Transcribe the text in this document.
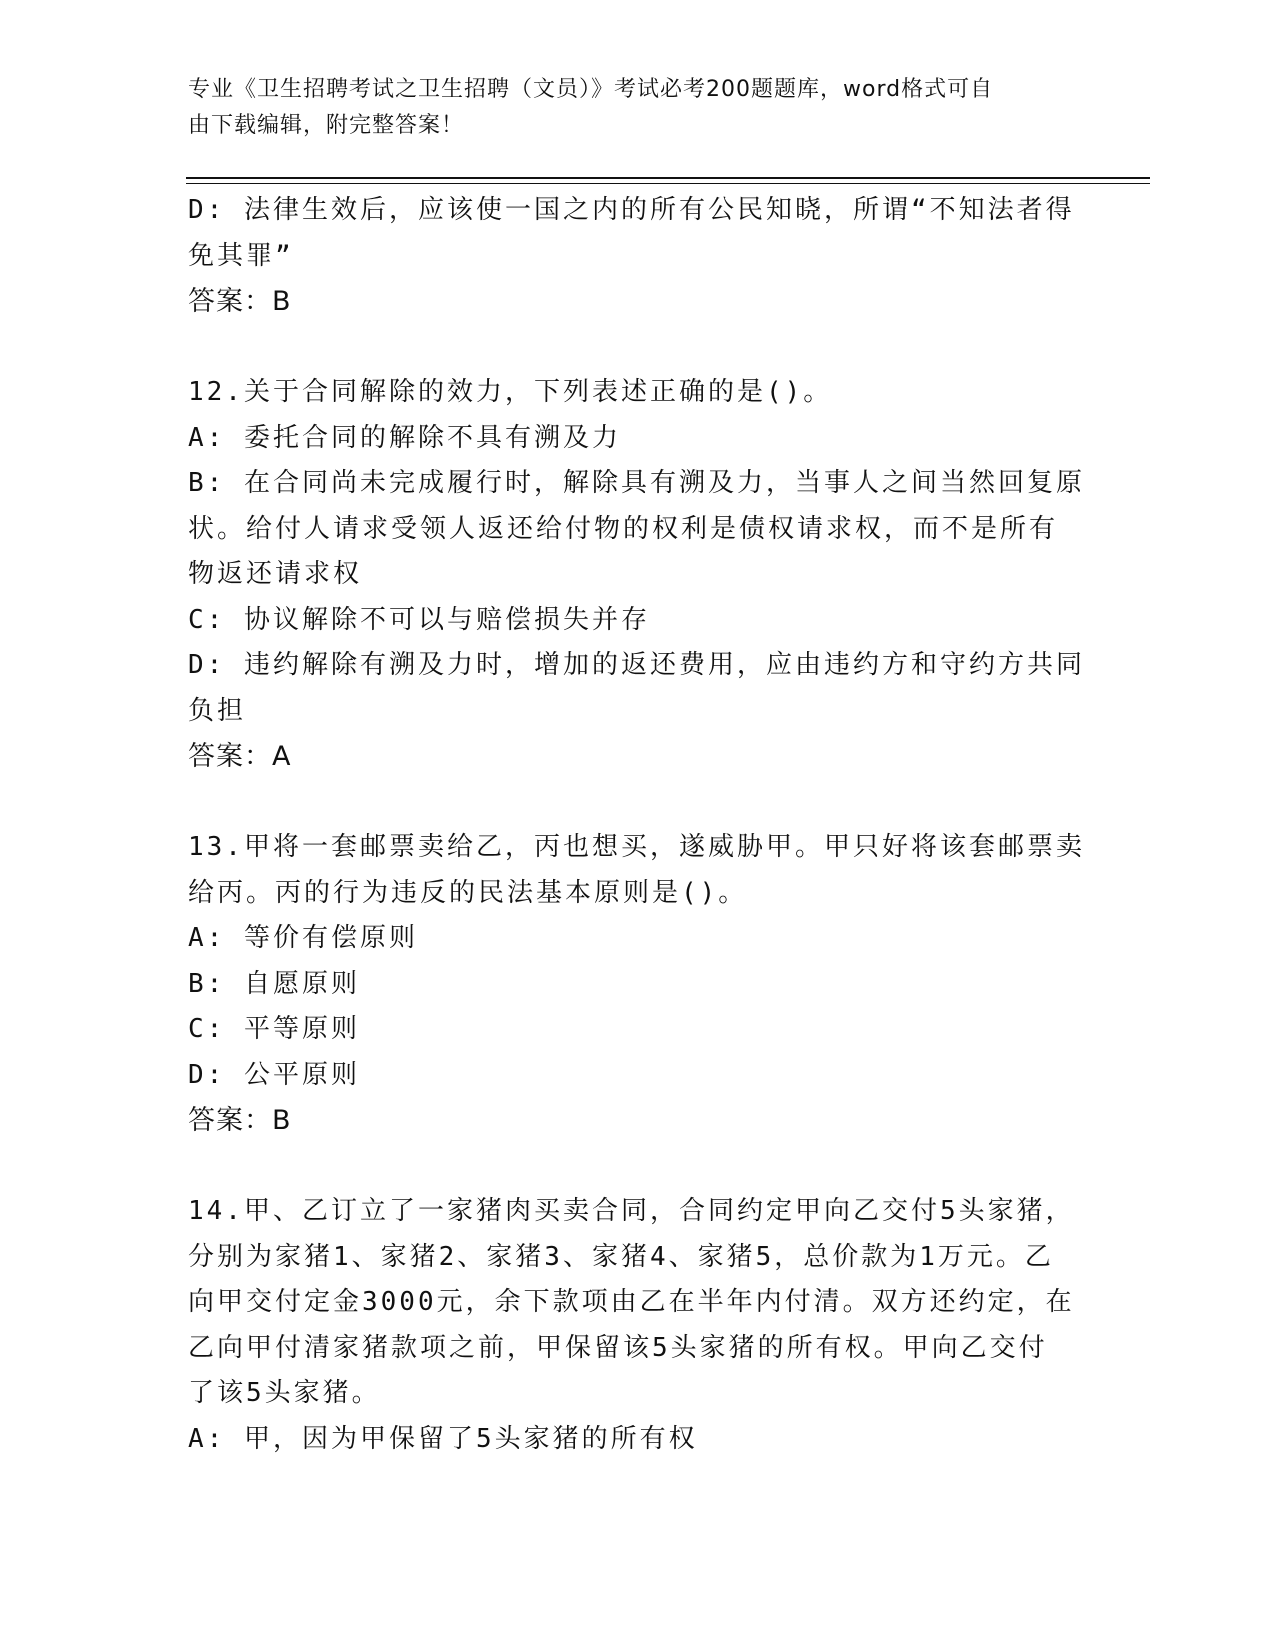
专业《卫生招聘考试之卫生招聘（文员）》考试必考200题题库，word格式可自
由下载编辑，附完整答案！

D: 法律生效后，应该使一国之内的所有公民知晓，所谓“不知法者得

免其罪”

答案：B

12.关于合同解除的效力，下列表述正确的是()。

A: 委托合同的解除不具有溯及力

B: 在合同尚未完成履行时，解除具有溯及力，当事人之间当然回复原

状。给付人请求受领人返还给付物的权利是债权请求权，而不是所有

物返还请求权

C: 协议解除不可以与赔偿损失并存

D: 违约解除有溯及力时，增加的返还费用，应由违约方和守约方共同

负担

答案：A

13.甲将一套邮票卖给乙，丙也想买，遂威胁甲。甲只好将该套邮票卖

给丙。丙的行为违反的民法基本原则是()。

A: 等价有偿原则

B: 自愿原则

C: 平等原则

D: 公平原则

答案：B

14.甲、乙订立了一家猪肉买卖合同，合同约定甲向乙交付5头家猪，

分别为家猪1、家猪2、家猪3、家猪4、家猪5，总价款为1万元。乙

向甲交付定金3000元，余下款项由乙在半年内付清。双方还约定，在

乙向甲付清家猪款项之前，甲保留该5头家猪的所有权。甲向乙交付

了该5头家猪。

A: 甲，因为甲保留了5头家猪的所有权
